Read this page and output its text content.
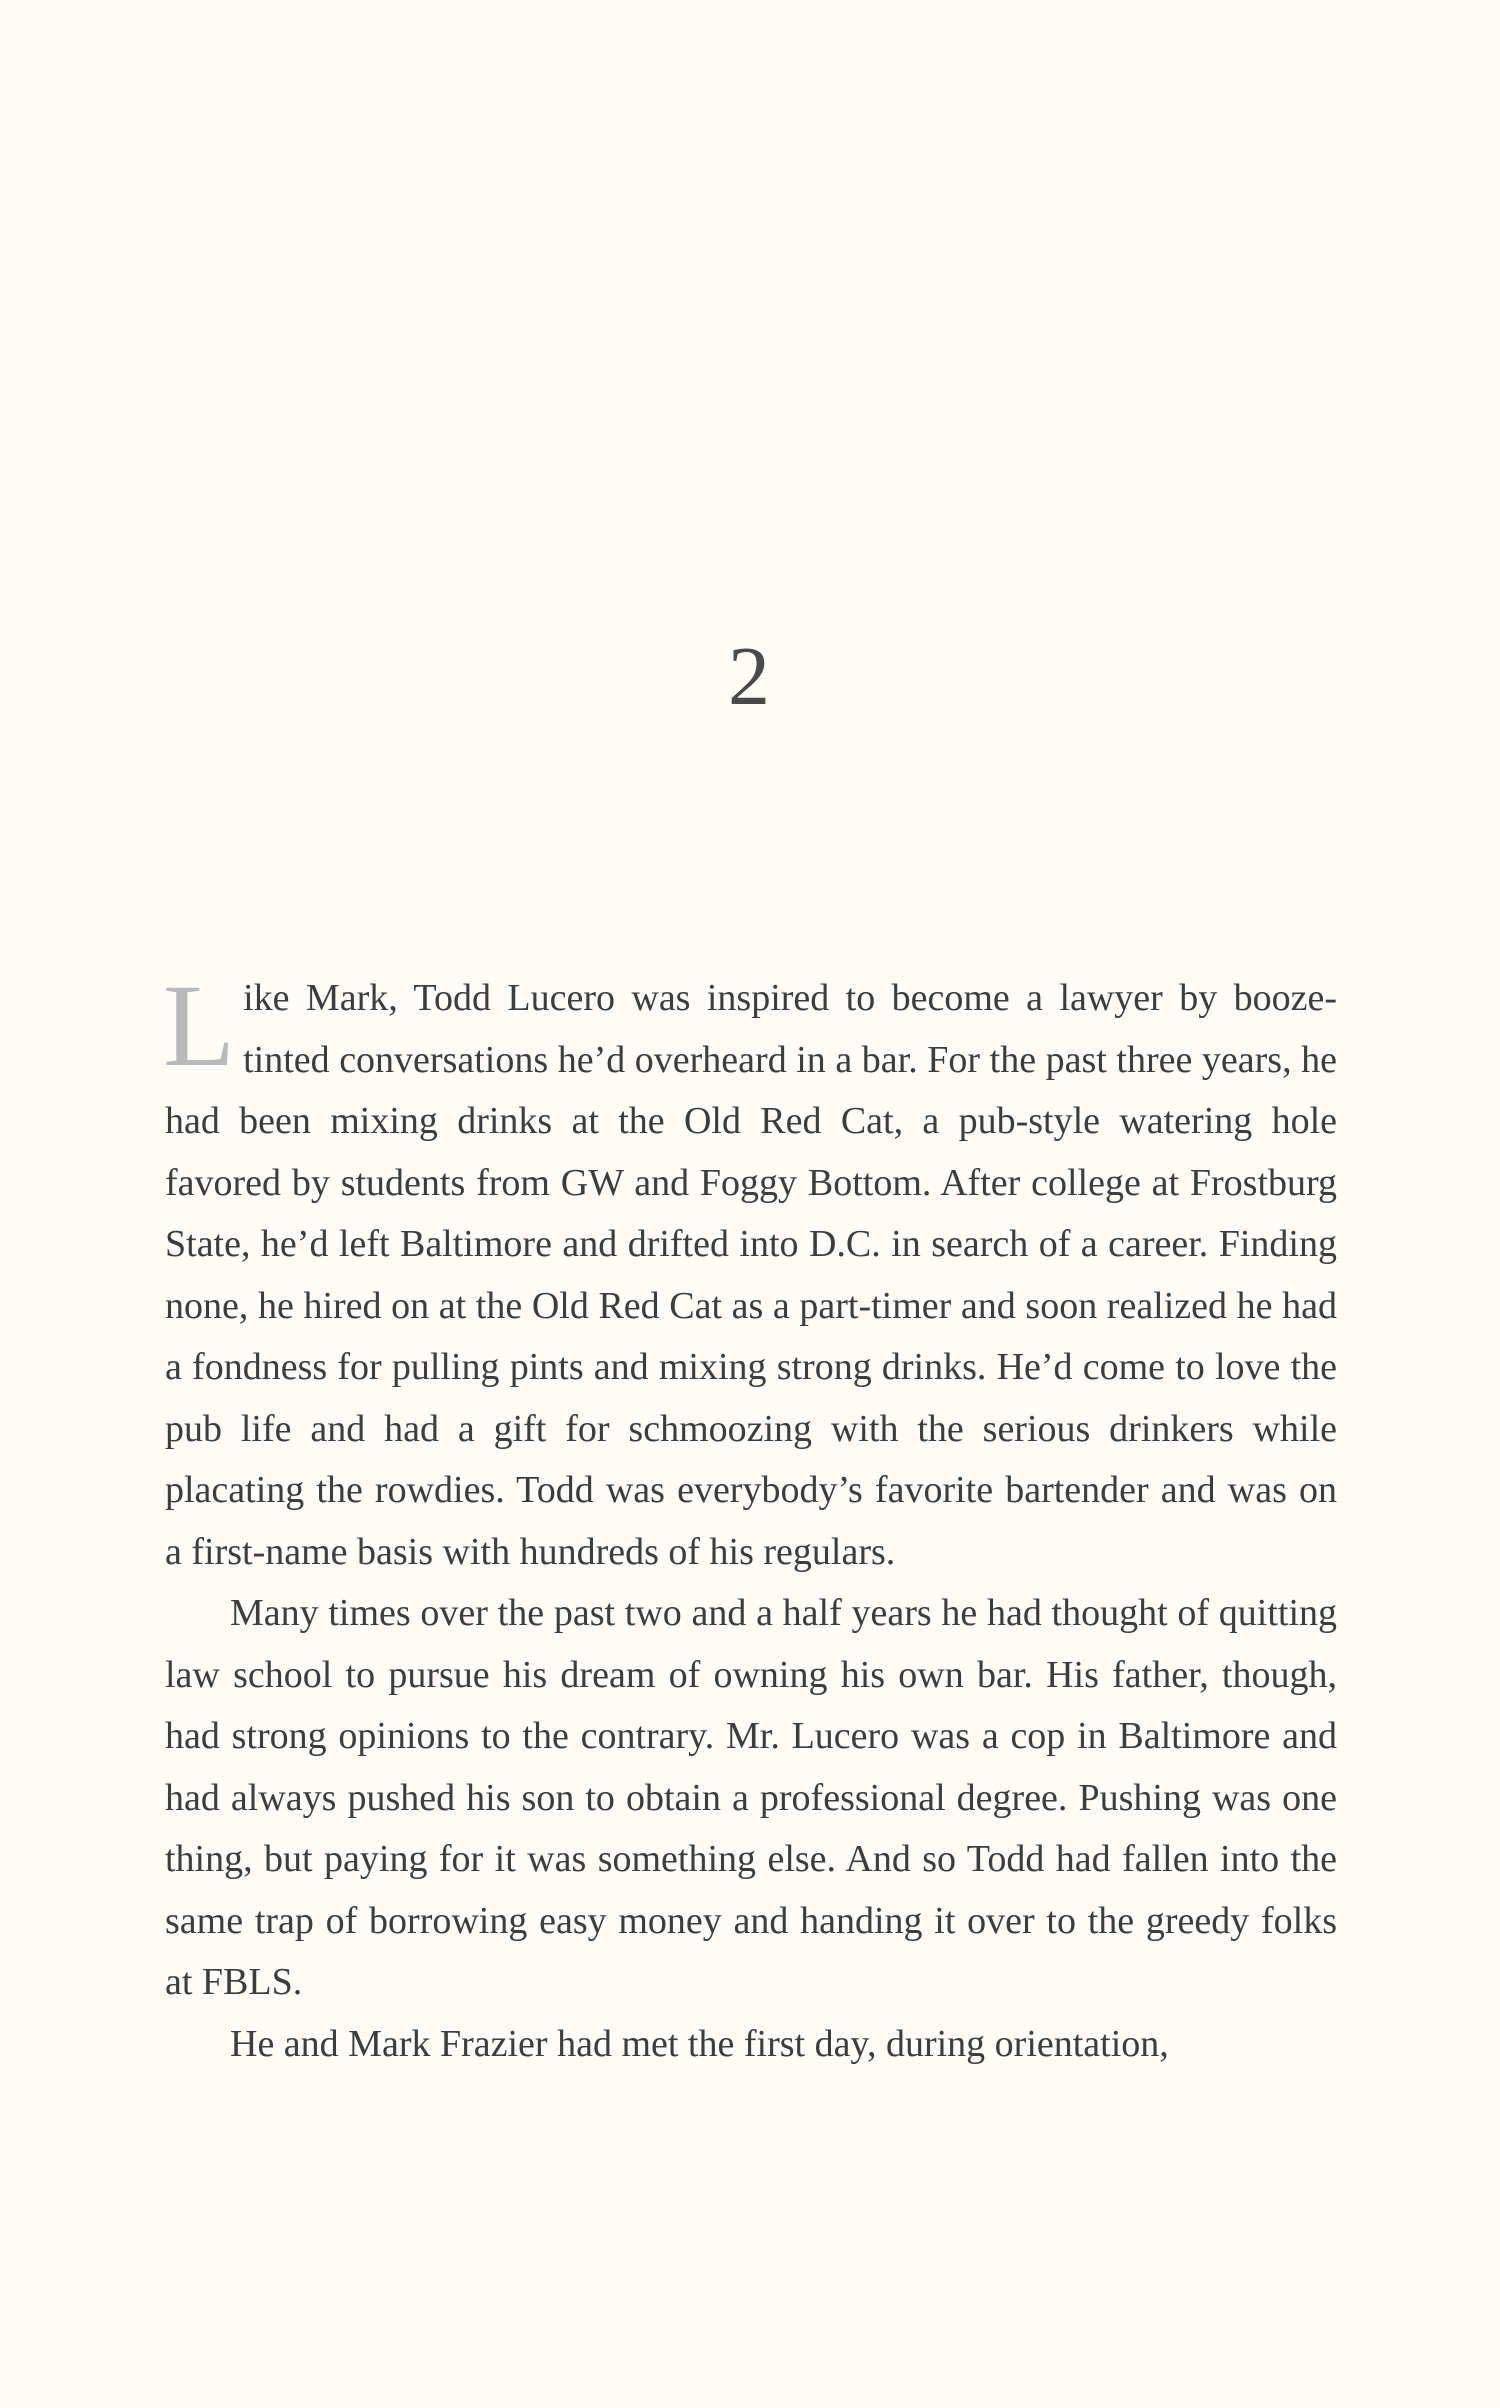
2

Like Mark, Todd Lucero was inspired to become a lawyer by booze-tinted conversations he’d overheard in a bar. For the past three years, he had been mixing drinks at the Old Red Cat, a pub-style watering hole favored by students from GW and Foggy Bottom. After college at Frostburg State, he’d left Baltimore and drifted into D.C. in search of a career. Finding none, he hired on at the Old Red Cat as a part-timer and soon realized he had a fondness for pulling pints and mixing strong drinks. He’d come to love the pub life and had a gift for schmoozing with the serious drinkers while placating the rowdies. Todd was everybody’s favorite bartender and was on a first-name basis with hundreds of his regulars.

Many times over the past two and a half years he had thought of quitting law school to pursue his dream of owning his own bar. His father, though, had strong opinions to the contrary. Mr. Lucero was a cop in Baltimore and had always pushed his son to obtain a professional degree. Pushing was one thing, but paying for it was something else. And so Todd had fallen into the same trap of borrowing easy money and handing it over to the greedy folks at FBLS.

He and Mark Frazier had met the first day, during orientation,
